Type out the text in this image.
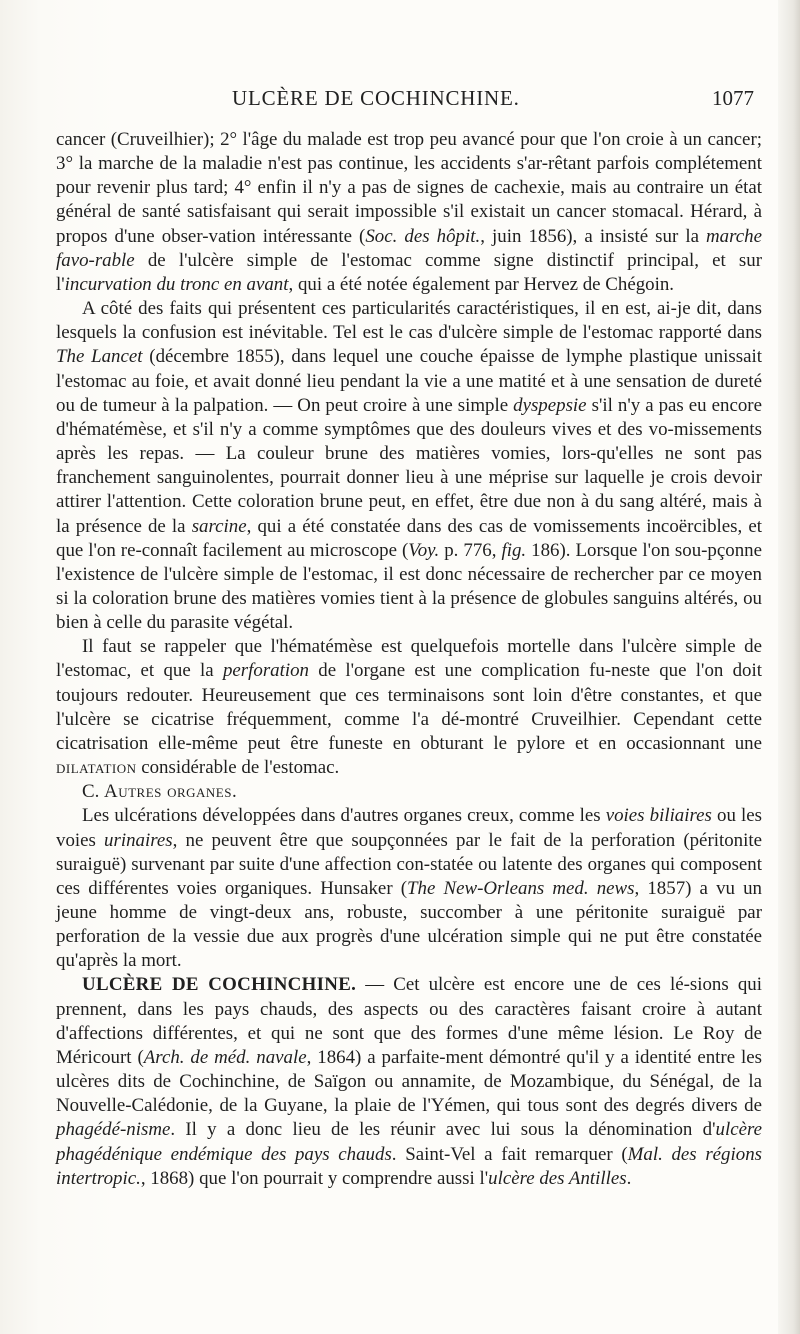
ULCÈRE DE COCHINCHINE.	1077

cancer (Cruveilhier); 2° l'âge du malade est trop peu avancé pour que l'on croie à un cancer; 3° la marche de la maladie n'est pas continue, les accidents s'ar-rêtant parfois complétement pour revenir plus tard; 4° enfin il n'y a pas de signes de cachexie, mais au contraire un état général de santé satisfaisant qui serait impossible s'il existait un cancer stomacal. Hérard, à propos d'une obser-vation intéressante (Soc. des hôpit., juin 1856), a insisté sur la marche favo-rable de l'ulcère simple de l'estomac comme signe distinctif principal, et sur l'incurvation du tronc en avant, qui a été notée également par Hervez de Chégoin.

A côté des faits qui présentent ces particularités caractéristiques, il en est, ai-je dit, dans lesquels la confusion est inévitable. Tel est le cas d'ulcère simple de l'estomac rapporté dans The Lancet (décembre 1855), dans lequel une couche épaisse de lymphe plastique unissait l'estomac au foie, et avait donné lieu pendant la vie a une matité et à une sensation de dureté ou de tumeur à la palpation. — On peut croire à une simple dyspepsie s'il n'y a pas eu encore d'hématémèse, et s'il n'y a comme symptômes que des douleurs vives et des vo-missements après les repas. — La couleur brune des matières vomies, lors-qu'elles ne sont pas franchement sanguinolentes, pourrait donner lieu à une méprise sur laquelle je crois devoir attirer l'attention. Cette coloration brune peut, en effet, être due non à du sang altéré, mais à la présence de la sarcine, qui a été constatée dans des cas de vomissements incoërcibles, et que l'on re-connaît facilement au microscope (Voy. p. 776, fig. 186). Lorsque l'on sou-pçonne l'existence de l'ulcère simple de l'estomac, il est donc nécessaire de rechercher par ce moyen si la coloration brune des matières vomies tient à la présence de globules sanguins altérés, ou bien à celle du parasite végétal.

Il faut se rappeler que l'hématémèse est quelquefois mortelle dans l'ulcère simple de l'estomac, et que la perforation de l'organe est une complication fu-neste que l'on doit toujours redouter. Heureusement que ces terminaisons sont loin d'être constantes, et que l'ulcère se cicatrise fréquemment, comme l'a dé-montré Cruveilhier. Cependant cette cicatrisation elle-même peut être funeste en obturant le pylore et en occasionnant une dilatation considérable de l'estomac.

C. Autres organes.

Les ulcérations développées dans d'autres organes creux, comme les voies biliaires ou les voies urinaires, ne peuvent être que soupçonnées par le fait de la perforation (péritonite suraiguë) survenant par suite d'une affection con-statée ou latente des organes qui composent ces différentes voies organiques. Hunsaker (The New-Orleans med. news, 1857) a vu un jeune homme de vingt-deux ans, robuste, succomber à une péritonite suraiguë par perforation de la vessie due aux progrès d'une ulcération simple qui ne put être constatée qu'après la mort.

ULCÈRE DE COCHINCHINE. — Cet ulcère est encore une de ces lé-sions qui prennent, dans les pays chauds, des aspects ou des caractères faisant croire à autant d'affections différentes, et qui ne sont que des formes d'une même lésion. Le Roy de Méricourt (Arch. de méd. navale, 1864) a parfaite-ment démontré qu'il y a identité entre les ulcères dits de Cochinchine, de Saïgon ou annamite, de Mozambique, du Sénégal, de la Nouvelle-Calédonie, de la Guyane, la plaie de l'Yémen, qui tous sont des degrés divers de phagédé-nisme. Il y a donc lieu de les réunir avec lui sous la dénomination d'ulcère phagédénique endémique des pays chauds. Saint-Vel a fait remarquer (Mal. des régions intertropic., 1868) que l'on pourrait y comprendre aussi l'ulcère des Antilles.
